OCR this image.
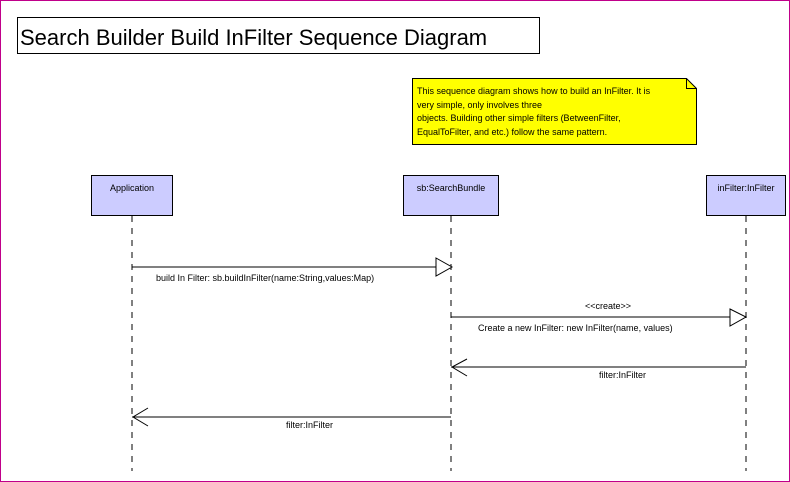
Search Builder Build InFilter Sequence Diagram
This sequence diagram shows how to build an InFilter. It is
very simple, only involves three
objects. Building other simple filters (BetweenFilter,
EqualToFilter, and etc.) follow the same pattern.
Application	sb:SearchBundle	inFilter:InFilter
build In Filter: sb.buildInFilter(name:String,values:Map)
<<create>>
Create a new InFilter: new InFilter(name, values)
filter:InFilter
filter:InFilter
